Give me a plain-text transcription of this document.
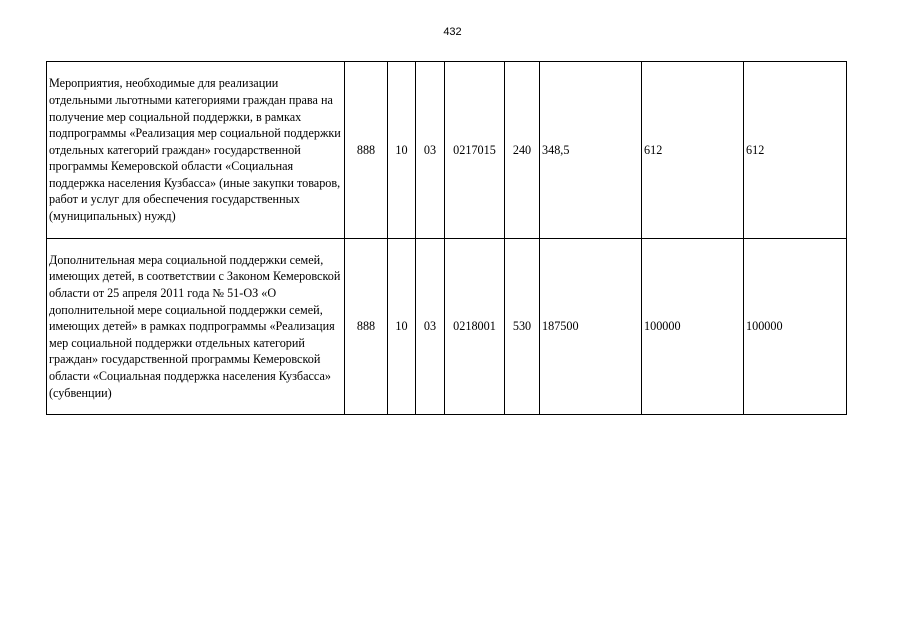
432
Мероприятия, необходимые для реализации отдельными льготными категориями граждан права на получение мер социальной поддержки, в рамках подпрограммы «Реализация мер социальной поддержки отдельных категорий граждан» государственной программы Кемеровской области «Социальная поддержка населения Кузбасса» (иные закупки товаров, работ и услуг для обеспечения государственных (муниципальных) нужд)	888	10	03	0217015	240	348,5	612	612
Дополнительная мера социальной поддержки семей, имеющих детей, в соответствии с Законом Кемеровской области от 25 апреля 2011 года № 51-ОЗ «О дополнительной мере социальной поддержки семей, имеющих детей» в рамках подпрограммы «Реализация мер социальной поддержки отдельных категорий граждан» государственной программы Кемеровской области «Социальная поддержка населения Кузбасса» (субвенции)	888	10	03	0218001	530	187500	100000	100000
